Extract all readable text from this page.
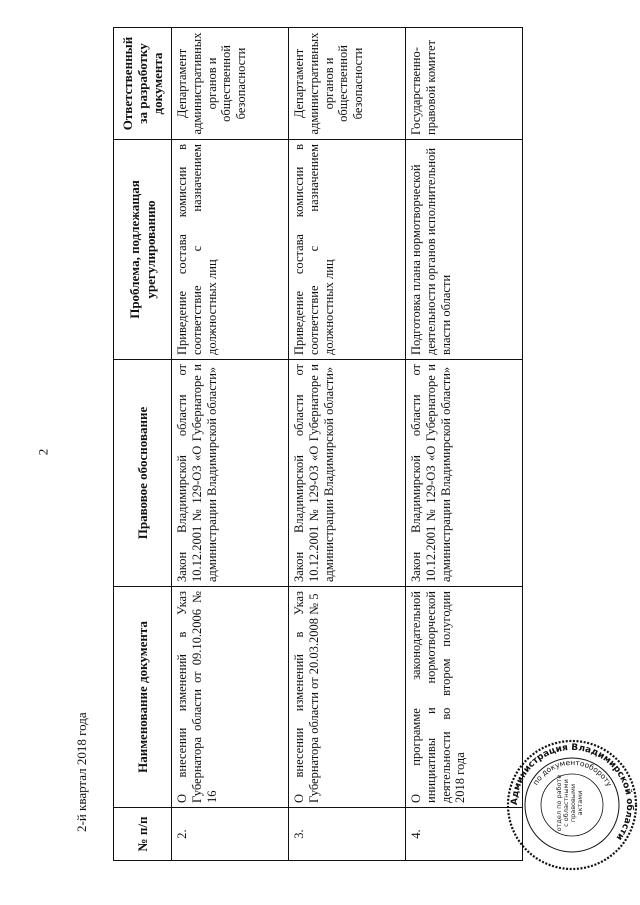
2
2-й квартал 2018 года
№ п/п	Наименование документа	Правовое обоснование	Проблема, подлежащая урегулированию	Ответственный за разработку документа
2.	О внесении изменений в Указ Губернатора области от 09.10.2006 № 16	Закон Владимирской области от 10.12.2001 № 129-ОЗ «О Губернаторе и администрации Владимирской области»	Приведение состава комиссии в соответствие с назначением должностных лиц	Департамент административных органов и общественной безопасности
3.	О внесении изменений в Указ Губернатора области от 20.03.2008 № 5	Закон Владимирской области от 10.12.2001 № 129-ОЗ «О Губернаторе и администрации Владимирской области»	Приведение состава комиссии в соответствие с назначением должностных лиц	Департамент административных органов и общественной безопасности
4.	О программе законодательной инициативы и нормотворческой деятельности во втором полугодии 2018 года	Закон Владимирской области от 10.12.2001 № 129-ОЗ «О Губернаторе и администрации Владимирской области»	Подготовка плана нормотворческой деятельности органов исполнительной власти области	Государственно-правовой комитет
Администрация Владимирской области
по документообороту
отдел по работе с областными правовыми актами
